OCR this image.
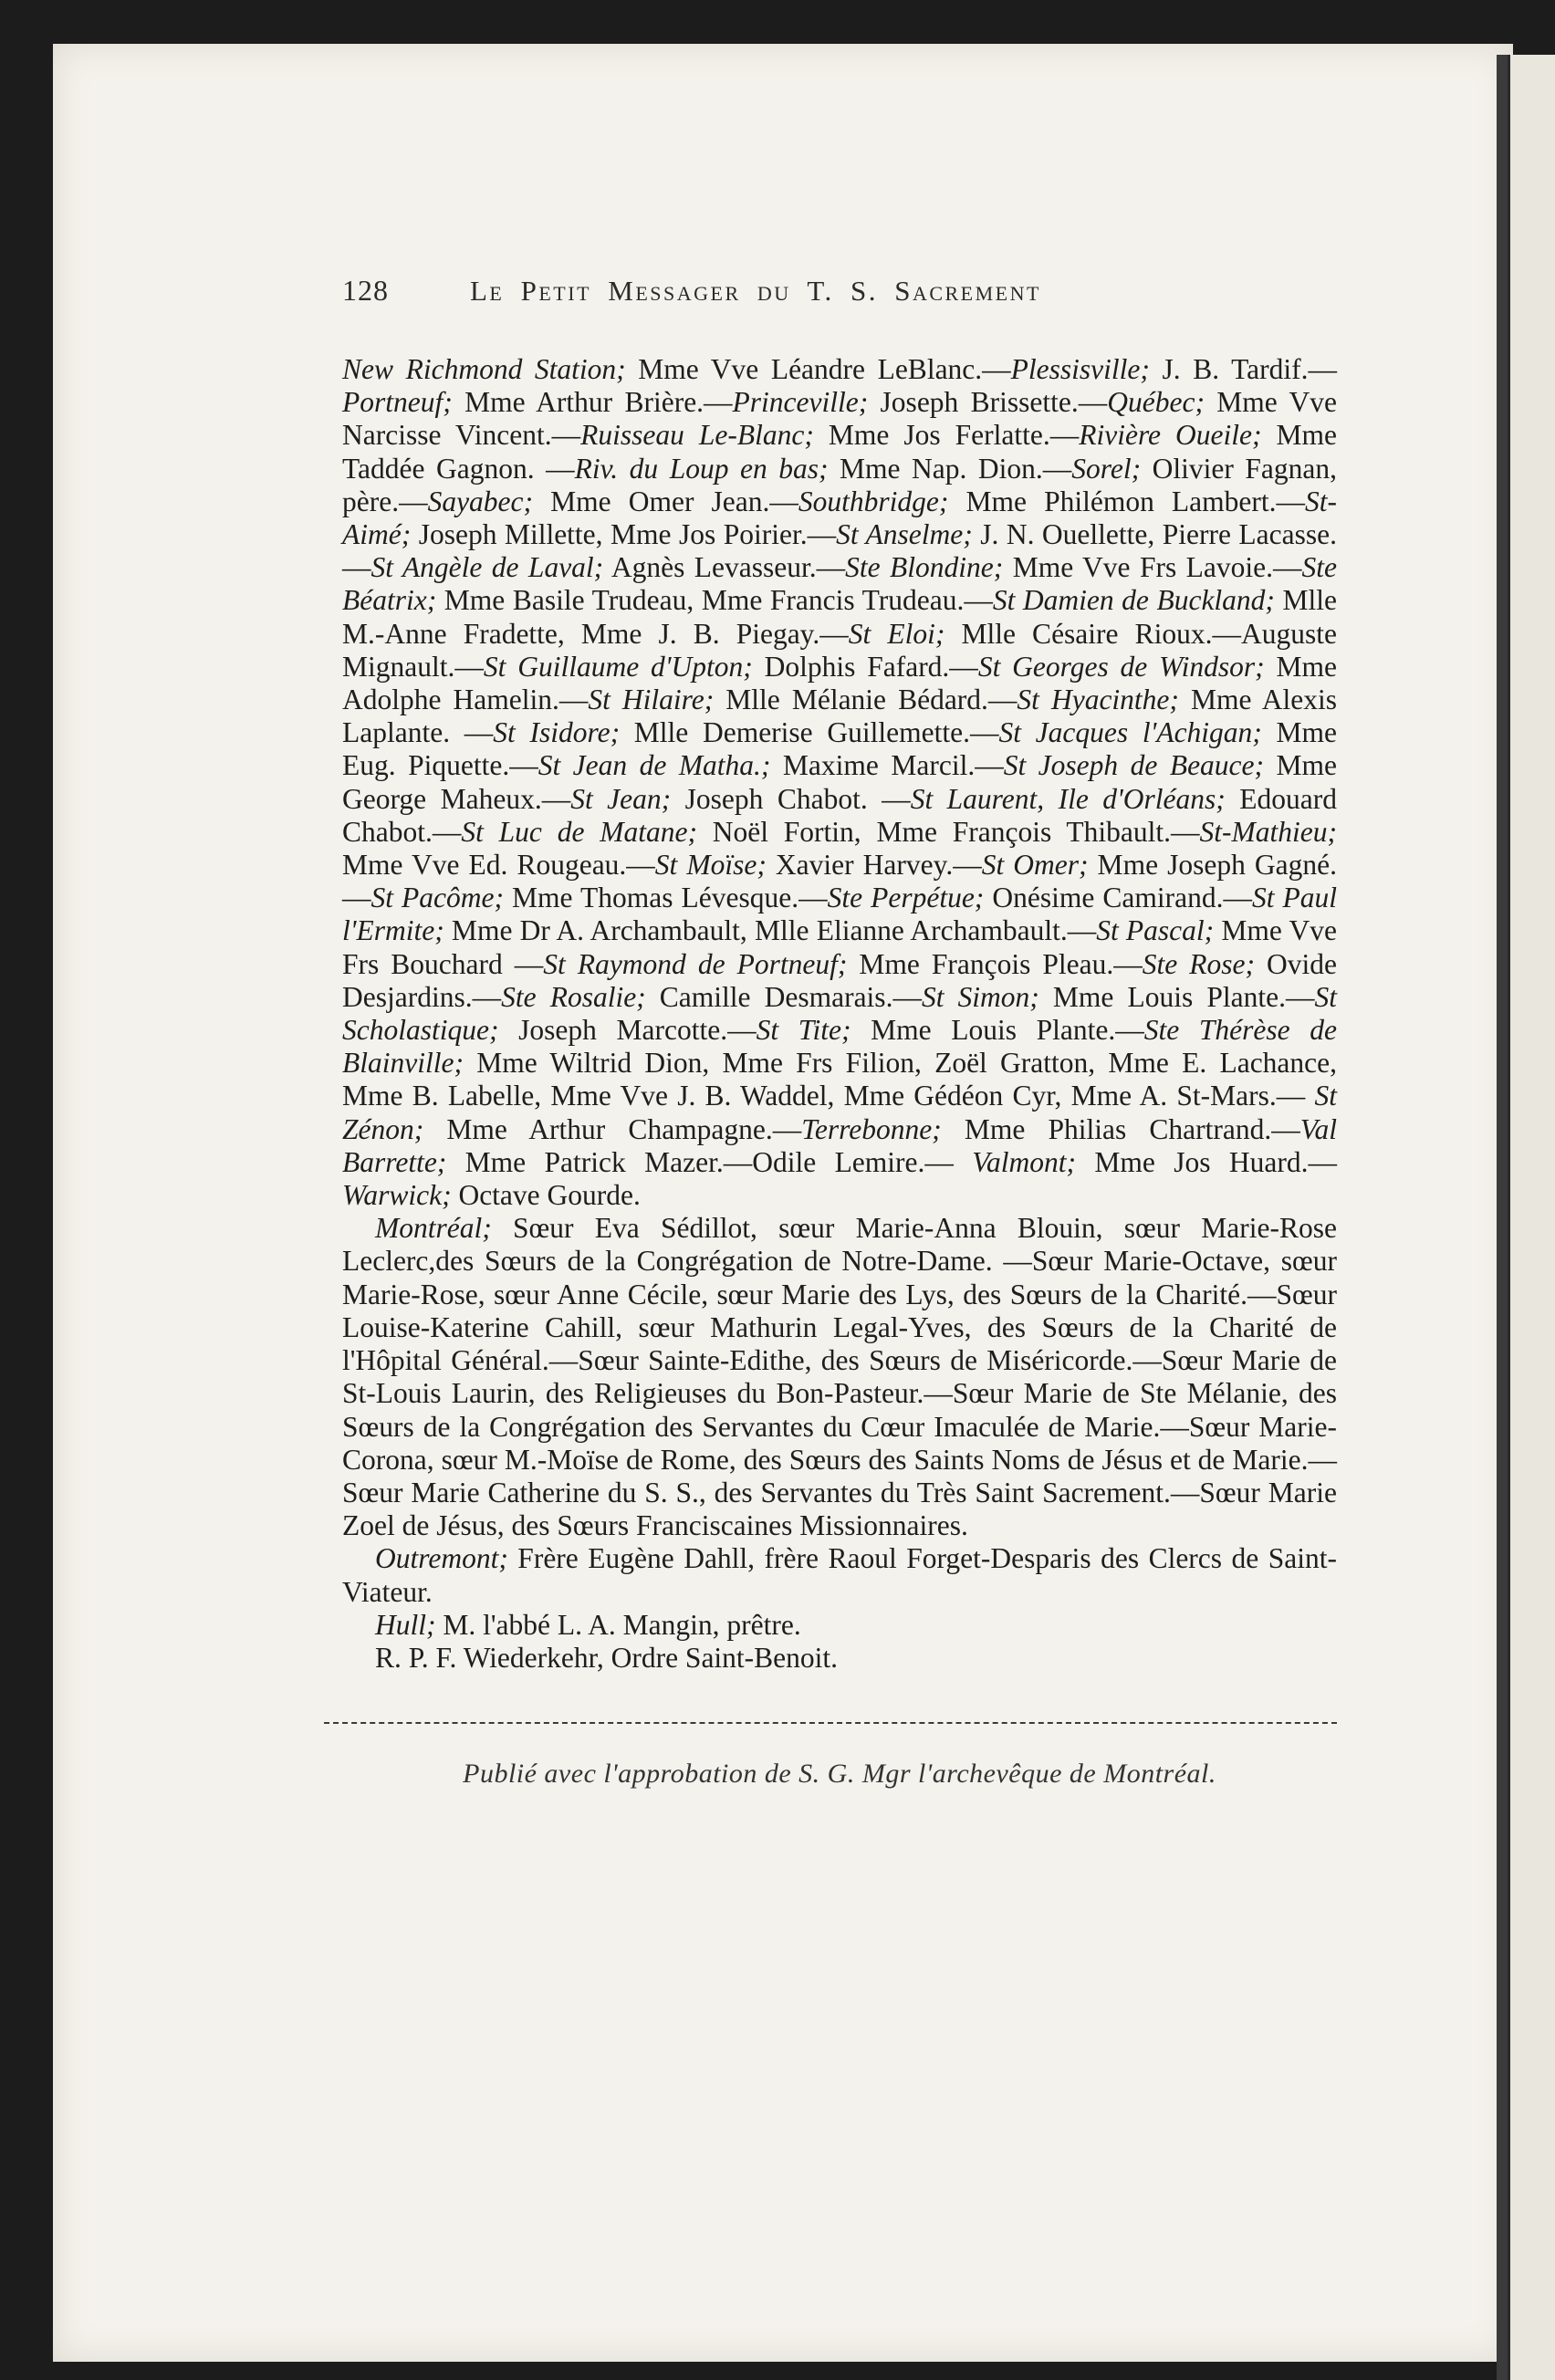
128	Le Petit Messager du T. S. Sacrement

New Richmond Station; Mme Vve Léandre LeBlanc.—Plessisville; J. B. Tardif.—Portneuf; Mme Arthur Brière.—Princeville; Joseph Brissette.—Québec; Mme Vve Narcisse Vincent.—Ruisseau Le-Blanc; Mme Jos Ferlatte.—Rivière Oueile; Mme Taddée Gagnon. —Riv. du Loup en bas; Mme Nap. Dion.—Sorel; Olivier Fagnan, père.—Sayabec; Mme Omer Jean.—Southbridge; Mme Philémon Lambert.—St-Aimé; Joseph Millette, Mme Jos Poirier.—St Anselme; J. N. Ouellette, Pierre Lacasse.—St Angèle de Laval; Agnès Levasseur.—Ste Blondine; Mme Vve Frs Lavoie.—Ste Béatrix; Mme Basile Trudeau, Mme Francis Trudeau.—St Damien de Buckland; Mlle M.-Anne Fradette, Mme J. B. Piegay.—St Eloi; Mlle Césaire Rioux.—Auguste Mignault.—St Guillaume d'Upton; Dolphis Fafard.—St Georges de Windsor; Mme Adolphe Hamelin.—St Hilaire; Mlle Mélanie Bédard.—St Hyacinthe; Mme Alexis Laplante. —St Isidore; Mlle Demerise Guillemette.—St Jacques l'Achigan; Mme Eug. Piquette.—St Jean de Matha.; Maxime Marcil.—St Joseph de Beauce; Mme George Maheux.—St Jean; Joseph Chabot. —St Laurent, Ile d'Orléans; Edouard Chabot.—St Luc de Matane; Noël Fortin, Mme François Thibault.—St-Mathieu; Mme Vve Ed. Rougeau.—St Moïse; Xavier Harvey.—St Omer; Mme Joseph Gagné.—St Pacôme; Mme Thomas Lévesque.—Ste Perpétue; Onésime Camirand.—St Paul l'Ermite; Mme Dr A. Archambault, Mlle Elianne Archambault.—St Pascal; Mme Vve Frs Bouchard —St Raymond de Portneuf; Mme François Pleau.—Ste Rose; Ovide Desjardins.—Ste Rosalie; Camille Desmarais.—St Simon; Mme Louis Plante.—St Scholastique; Joseph Marcotte.—St Tite; Mme Louis Plante.—Ste Thérèse de Blainville; Mme Wiltrid Dion, Mme Frs Filion, Zoël Gratton, Mme E. Lachance, Mme B. Labelle, Mme Vve J. B. Waddel, Mme Gédéon Cyr, Mme A. St-Mars.— St Zénon; Mme Arthur Champagne.—Terrebonne; Mme Philias Chartrand.—Val Barrette; Mme Patrick Mazer.—Odile Lemire.— Valmont; Mme Jos Huard.—Warwick; Octave Gourde.

Montréal; Sœur Eva Sédillot, sœur Marie-Anna Blouin, sœur Marie-Rose Leclerc,des Sœurs de la Congrégation de Notre-Dame. —Sœur Marie-Octave, sœur Marie-Rose, sœur Anne Cécile, sœur Marie des Lys, des Sœurs de la Charité.—Sœur Louise-Katerine Cahill, sœur Mathurin Legal-Yves, des Sœurs de la Charité de l'Hôpital Général.—Sœur Sainte-Edithe, des Sœurs de Miséricorde.—Sœur Marie de St-Louis Laurin, des Religieuses du Bon-Pasteur.—Sœur Marie de Ste Mélanie, des Sœurs de la Congrégation des Servantes du Cœur Imaculée de Marie.—Sœur Marie-Corona, sœur M.-Moïse de Rome, des Sœurs des Saints Noms de Jésus et de Marie.—Sœur Marie Catherine du S. S., des Servantes du Très Saint Sacrement.—Sœur Marie Zoel de Jésus, des Sœurs Franciscaines Missionnaires.

Outremont; Frère Eugène Dahll, frère Raoul Forget-Desparis des Clercs de Saint-Viateur.

Hull; M. l'abbé L. A. Mangin, prêtre.

R. P. F. Wiederkehr, Ordre Saint-Benoit.

Publié avec l'approbation de S. G. Mgr l'archevêque de Montréal.
